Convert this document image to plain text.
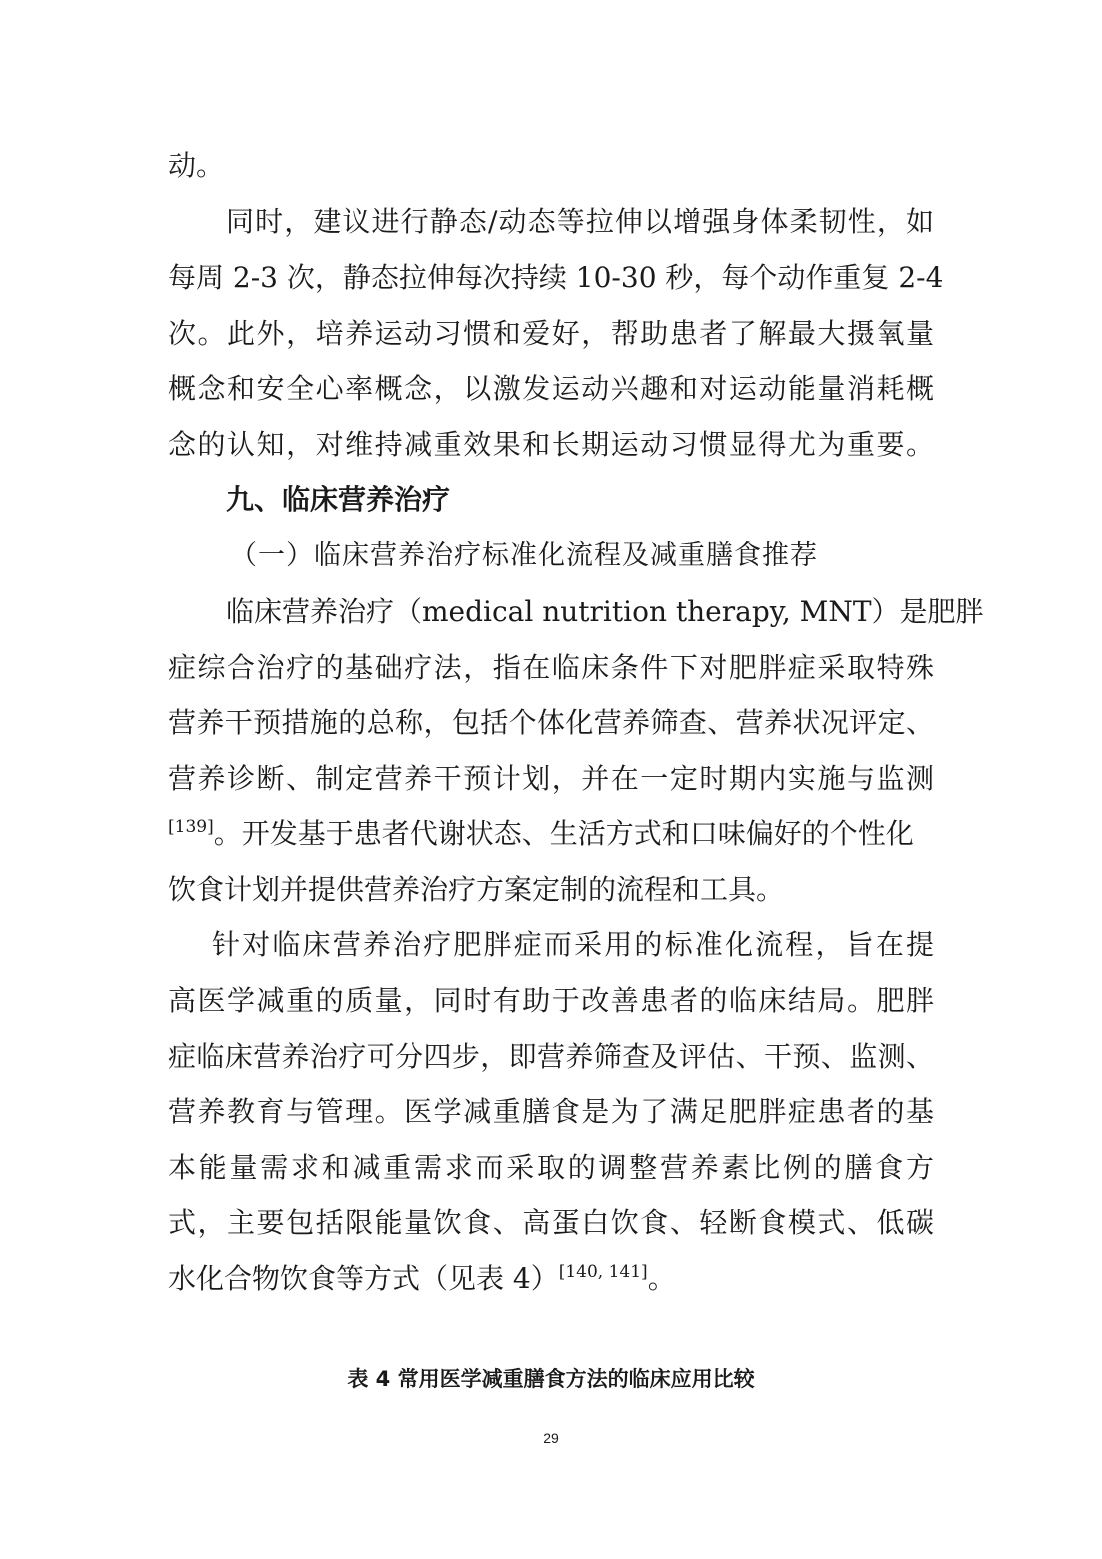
动。
同时，建议进行静态/动态等拉伸以增强身体柔韧性，如
每周 2-3 次，静态拉伸每次持续 10-30 秒，每个动作重复 2-4
次。此外，培养运动习惯和爱好，帮助患者了解最大摄氧量
概念和安全心率概念，以激发运动兴趣和对运动能量消耗概
念的认知，对维持减重效果和长期运动习惯显得尤为重要。
九、临床营养治疗
（一）临床营养治疗标准化流程及减重膳食推荐
临床营养治疗（medical nutrition therapy, MNT）是肥胖
症综合治疗的基础疗法，指在临床条件下对肥胖症采取特殊
营养干预措施的总称，包括个体化营养筛查、营养状况评定、
营养诊断、制定营养干预计划，并在一定时期内实施与监测
[139]。开发基于患者代谢状态、生活方式和口味偏好的个性化
饮食计划并提供营养治疗方案定制的流程和工具。
针对临床营养治疗肥胖症而采用的标准化流程，旨在提
高医学减重的质量，同时有助于改善患者的临床结局。肥胖
症临床营养治疗可分四步，即营养筛查及评估、干预、监测、
营养教育与管理。医学减重膳食是为了满足肥胖症患者的基
本能量需求和减重需求而采取的调整营养素比例的膳食方
式，主要包括限能量饮食、高蛋白饮食、轻断食模式、低碳
水化合物饮食等方式（见表 4）[140, 141]。
表 4 常用医学减重膳食方法的临床应用比较
29
